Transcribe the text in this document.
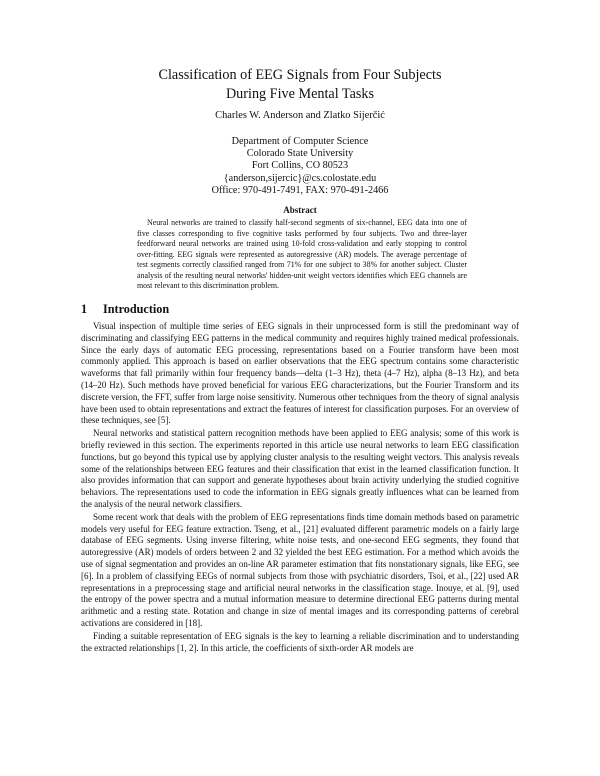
Classification of EEG Signals from Four Subjects
During Five Mental Tasks
Charles W. Anderson and Zlatko Sijerčić
Department of Computer Science
Colorado State University
Fort Collins, CO 80523
{anderson,sijercic}@cs.colostate.edu
Office: 970-491-7491, FAX: 970-491-2466
Abstract
Neural networks are trained to classify half-second segments of six-channel, EEG data into one of five classes corresponding to five cognitive tasks performed by four subjects. Two and three-layer feedforward neural networks are trained using 10-fold cross-validation and early stopping to control over-fitting. EEG signals were represented as autoregressive (AR) models. The average percentage of test segments correctly classified ranged from 71% for one subject to 38% for another subject. Cluster analysis of the resulting neural networks' hidden-unit weight vectors identifies which EEG channels are most relevant to this discrimination problem.
1 Introduction

Visual inspection of multiple time series of EEG signals in their unprocessed form is still the predominant way of discriminating and classifying EEG patterns in the medical community and requires highly trained medical professionals. Since the early days of automatic EEG processing, representations based on a Fourier transform have been most commonly applied. This approach is based on earlier observations that the EEG spectrum contains some characteristic waveforms that fall primarily within four frequency bands—delta (1–3 Hz), theta (4–7 Hz), alpha (8–13 Hz), and beta (14–20 Hz). Such methods have proved beneficial for various EEG characterizations, but the Fourier Transform and its discrete version, the FFT, suffer from large noise sensitivity. Numerous other techniques from the theory of signal analysis have been used to obtain representations and extract the features of interest for classification purposes. For an overview of these techniques, see [5].

Neural networks and statistical pattern recognition methods have been applied to EEG analysis; some of this work is briefly reviewed in this section. The experiments reported in this article use neural networks to learn EEG classification functions, but go beyond this typical use by applying cluster analysis to the resulting weight vectors. This analysis reveals some of the relationships between EEG features and their classification that exist in the learned classification function. It also provides information that can support and generate hypotheses about brain activity underlying the studied cognitive behaviors. The representations used to code the information in EEG signals greatly influences what can be learned from the analysis of the neural network classifiers.

Some recent work that deals with the problem of EEG representations finds time domain methods based on parametric models very useful for EEG feature extraction. Tseng, et al., [21] evaluated different parametric models on a fairly large database of EEG segments. Using inverse filtering, white noise tests, and one-second EEG segments, they found that autoregressive (AR) models of orders between 2 and 32 yielded the best EEG estimation. For a method which avoids the use of signal segmentation and provides an on-line AR parameter estimation that fits nonstationary signals, like EEG, see [6]. In a problem of classifying EEGs of normal subjects from those with psychiatric disorders, Tsoi, et al., [22] used AR representations in a preprocessing stage and artificial neural networks in the classification stage. Inouye, et al. [9], used the entropy of the power spectra and a mutual information measure to determine directional EEG patterns during mental arithmetic and a resting state. Rotation and change in size of mental images and its corresponding patterns of cerebral activations are considered in [18].

Finding a suitable representation of EEG signals is the key to learning a reliable discrimination and to understanding the extracted relationships [1, 2]. In this article, the coefficients of sixth-order AR models are
